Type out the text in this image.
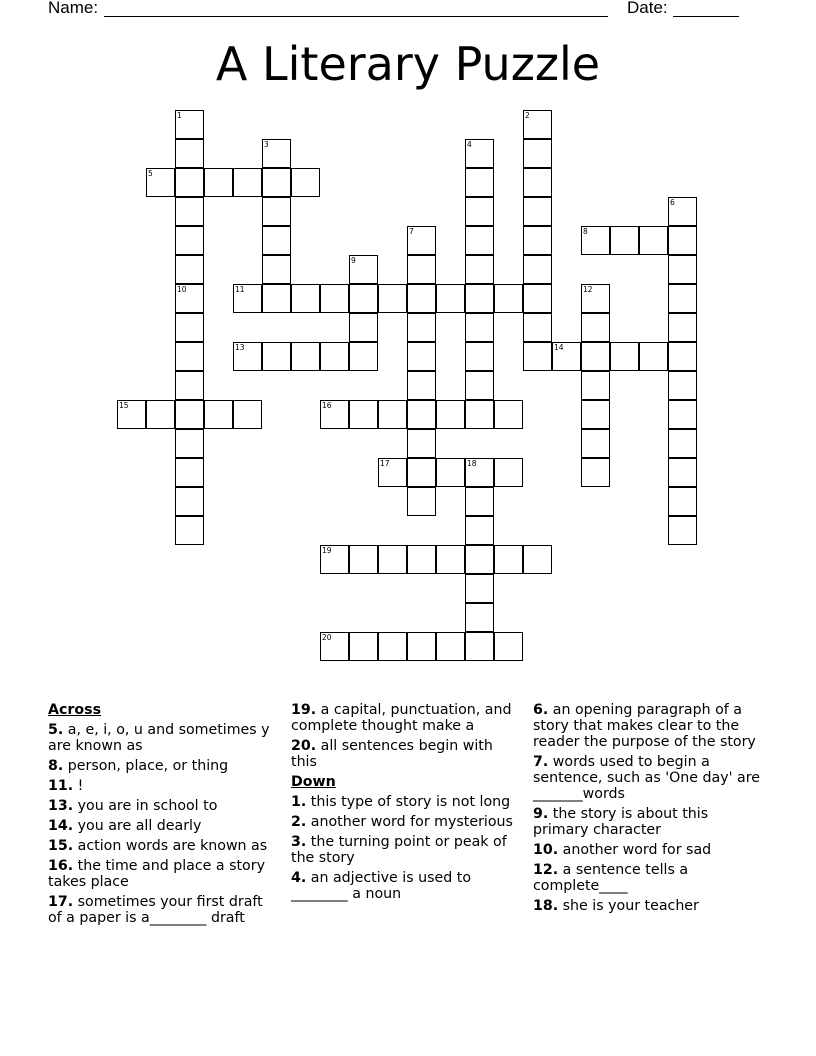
Name:	Date:
A Literary Puzzle
5
8
11
13	14
15	16
17	18
19
20
1	2
3	4
6
7
9
10	12
Across
5. a, e, i, o, u and sometimes y are known as
8. person, place, or thing
11. !
13. you are in school to
14. you are all dearly
15. action words are known as
16. the time and place a story takes place
17. sometimes your first draft of a paper is a________ draft
19. a capital, punctuation, and complete thought make a
20. all sentences begin with this
Down
1. this type of story is not long
2. another word for mysterious
3. the turning point or peak of the story
4. an adjective is used to ________ a noun
6. an opening paragraph of a story that makes clear to the reader the purpose of the story
7. words used to begin a sentence, such as 'One day' are _______words
9. the story is about this primary character
10. another word for sad
12. a sentence tells a complete____
18. she is your teacher
